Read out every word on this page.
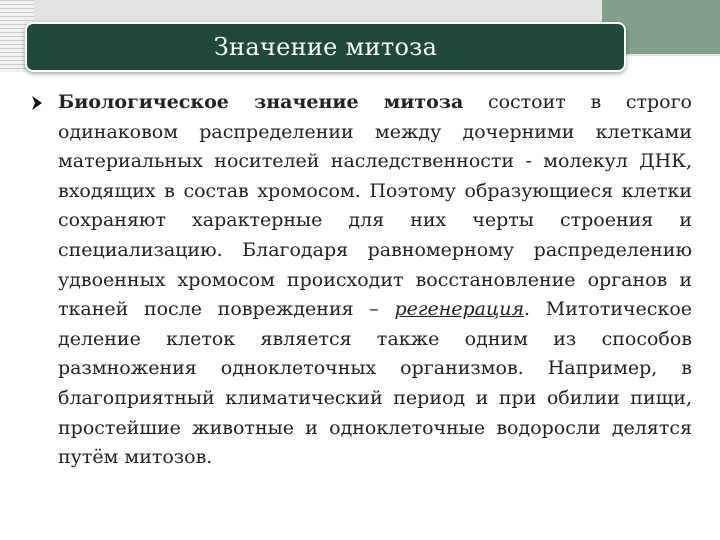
Значение митоза
Биологическое значение митоза состоит в строго одинаковом распределении между дочерними клетками материальных носителей наследственности - молекул ДНК, входящих в состав хромосом. Поэтому образующиеся клетки сохраняют характерные для них черты строения и специализацию. Благодаря равномерному распределению удвоенных хромосом происходит восстановление органов и тканей после повреждения – регенерация. Митотическое деление клеток является также одним из способов размножения одноклеточных организмов. Например, в благоприятный климатический период и при обилии пищи, простейшие животные и одноклеточные водоросли делятся путём митозов.
